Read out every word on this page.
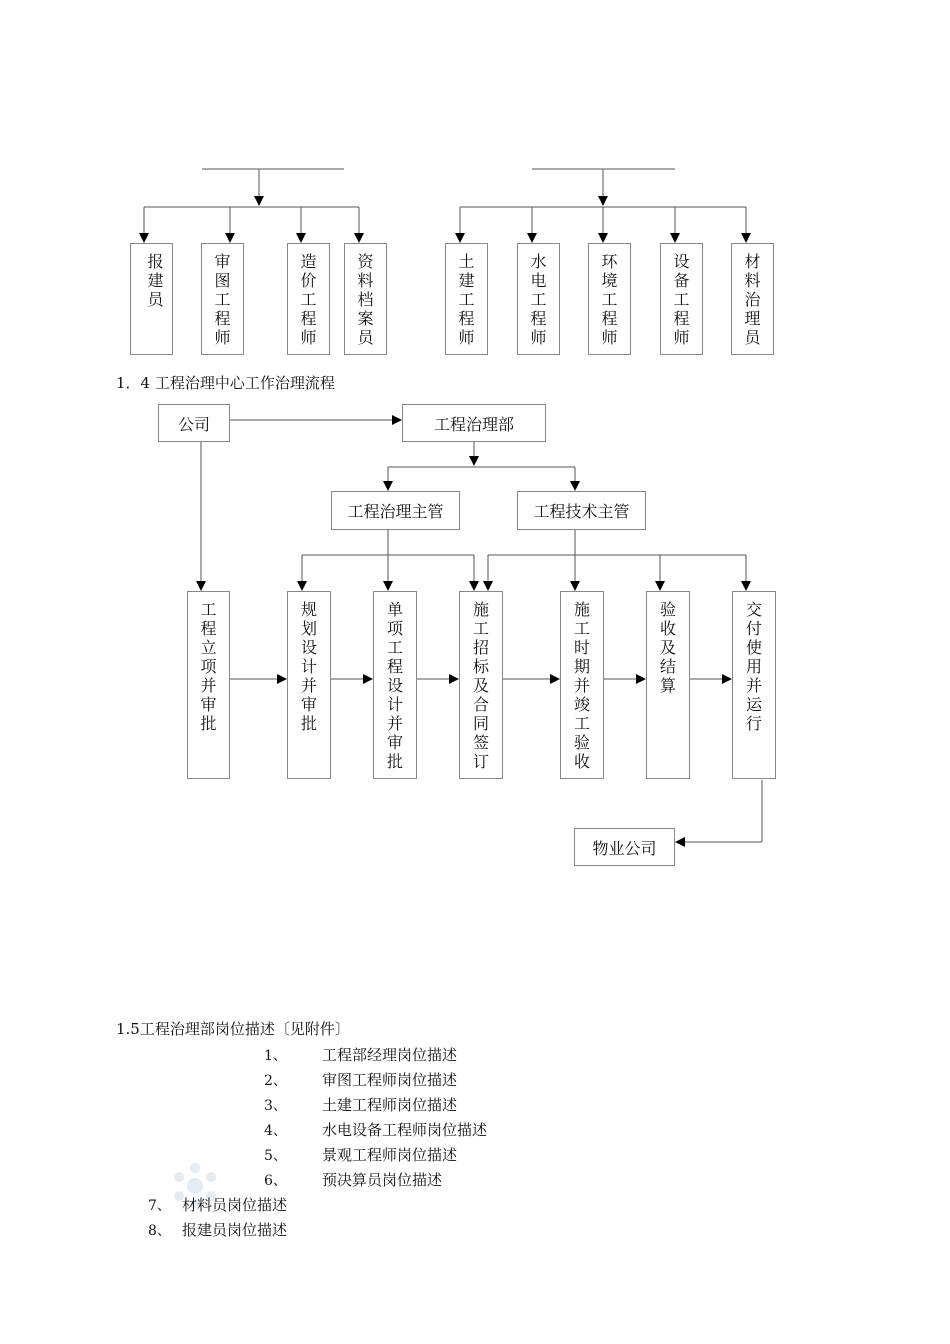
报
建
员
审
图
工
程
师
造
价
工
程
师
资
料
档
案
员
土
建
工
程
师
水
电
工
程
师
环
境
工
程
师
设
备
工
程
师
材
料
治
理
员
1．4 工程治理中心工作治理流程
公司	工程治理部
工程治理主管
ﾠﾠ
工程技术主管
工
程
立
项
并
审
批
规
划
设
计
并
审
批
单
项
工
程
设
计
并
审
批
施
工
招
标
及
合
同
签
订
施
工
时
期
并
竣
工
验
收
验
收
及
结
算
交
付
使
用
并
运
行
物业公司
1.5工程治理部岗位描述〔见附件〕
1、 工程部经理岗位描述
2、 审图工程师岗位描述
3、 土建工程师岗位描述
4、 水电设备工程师岗位描述
5、 景观工程师岗位描述
6、 预决算员岗位描述
7、 材料员岗位描述
8、 报建员岗位描述
